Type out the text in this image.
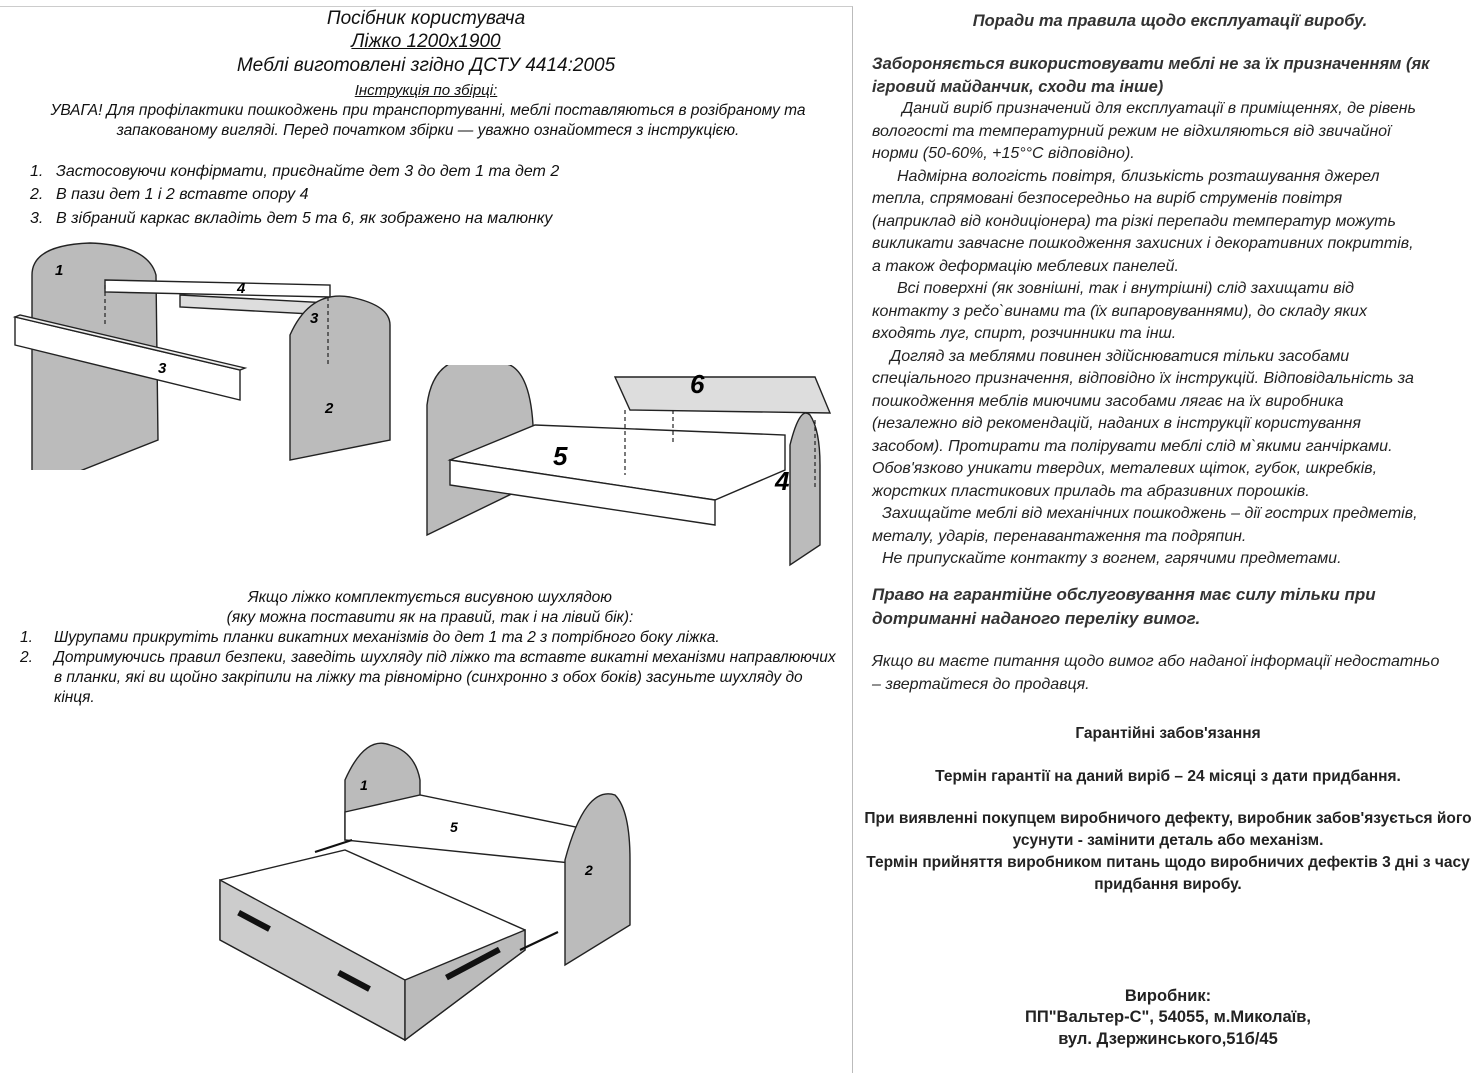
Посібник користувача
Ліжко 1200х1900
Меблі виготовлені згідно ДСТУ 4414:2005
Інструкція по збірці:
УВАГА! Для профілактики пошкоджень при транспортуванні, меблі поставляються в розібраному та запакованому вигляді. Перед початком збірки — уважно ознайомтеся з інструкцією.
1. Застосовуючи конфірмати, приєднайте дет 3 до дет 1 та дет 2
2. В пази дет 1 і 2 вставте опору 4
3. В зібраний каркас вкладіть дет 5 та 6, як зображено на малюнку
1
4
3
3
2
6
5
4
Якщо ліжко комплектується висувною шухлядою
(яку можна поставити як на правий, так і на лівий бік):
1.	Шурупами прикрутіть планки викатних механізмів до дет 1 та 2 з потрібного боку ліжка.
2.	Дотримуючись правил безпеки, заведіть шухляду під ліжко та вставте викатні механізми направлюючих в планки, які ви щойно закріпили на ліжку та рівномірно (синхронно з обох боків) засуньте шухляду до кінця.
1
5
2
Поради та правила щодо експлуатації виробу.
Забороняється використовувати меблі не за їх призначенням (як ігровий майданчик, сходи та інше)
Даний виріб призначений для експлуатації в приміщеннях, де рівень
вологості та температурний режим не відхиляються від звичайної
норми (50-60%, +15°°С відповідно).
Надмірна вологість повітря, близькість розташування джерел
тепла, спрямовані безпосередньо на виріб струменів повітря
(наприклад від кондиціонера) та різкі перепади температур можуть
викликати завчасне пошкодження захисних і декоративних покриттів,
а також деформацію меблевих панелей.
Всі поверхні (як зовнішні, так і внутрішні) слід захищати від
контакту з рečо`винами та (їх випаровуваннями), до складу яких
входять луг, спирт, розчинники та інш.
Догляд за меблями повинен здійснюватися тільки засобами
спеціального призначення, відповідно їх інструкцій. Відповідальність за
пошкодження меблів миючими засобами лягає на їх виробника
(незалежно від рекомендацій, наданих в інструкції користування
засобом). Протирати та полірувати меблі слід м`якими ганчірками.
Обов'язково уникати твердих, металевих щіток, губок, шкребків,
жорстких пластикових приладь та абразивних порошків.
Захищайте меблі від механічних пошкоджень – дії гострих предметів,
металу, ударів, перенавантаження та подряпин.
Не припускайте контакту з вогнем, гарячими предметами.
Право на гарантійне обслуговування має силу тільки при дотриманні наданого переліку вимог.
Якщо ви маєте питання щодо вимог або наданої інформації недостатньо – звертайтеся до продавця.
Гарантійні забов'язання
Термін гарантії на даний виріб – 24 місяці з дати придбання.
При виявленні покупцем виробничого дефекту, виробник забов'язується його усунути - замінити деталь або механізм.
Термін прийняття виробником питань щодо виробничих дефектів 3 дні з часу придбання виробу.
Виробник:
ПП"Вальтер-С", 54055, м.Миколаїв,
вул. Дзержинського,51б/45
